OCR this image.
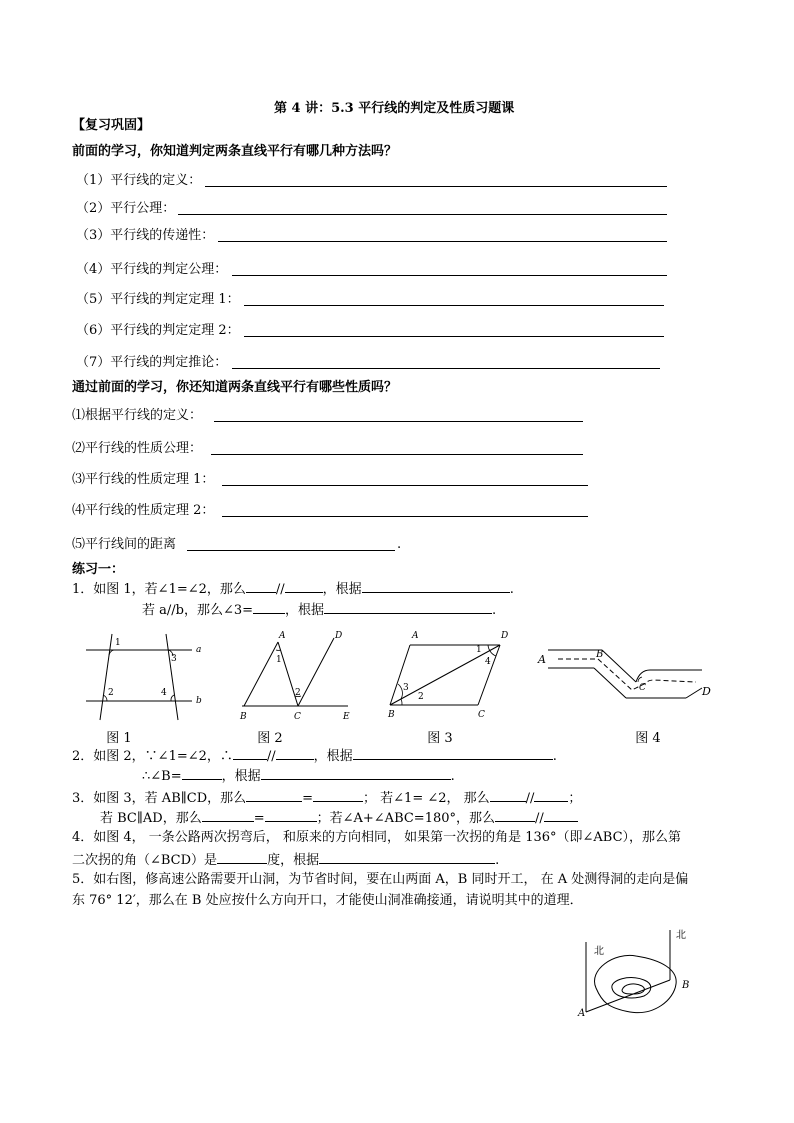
第 4 讲：5.3 平行线的判定及性质习题课
【复习巩固】
前面的学习，你知道判定两条直线平行有哪几种方法吗？
（1）平行线的定义：
（2）平行公理：
（3）平行线的传递性：
（4）平行线的判定公理：
（5）平行线的判定定理 1：
（6）平行线的判定定理 2：
（7）平行线的判定推论：
通过前面的学习，你还知道两条直线平行有哪些性质吗？
⑴根据平行线的定义：
⑵平行线的性质公理：
⑶平行线的性质定理 1：
⑷平行线的性质定理 2：
⑸平行线间的距离	.
练习一：
1．如图 1，若∠1=∠2，那么 //	，根据	.
若 a//b，那么∠3= ，根据	.
1
3
a
2	4
b
图 1
A	D
1
2
B	C	E
图 2
A	D
1
4
3
2
B	C
图 3
A	B
C	D
图 4
2．如图 2，∵∠1=∠2，∴	//	，根据	.
∴∠B=	，根据	.
3．如图 3，若 AB∥CD，那么	=	； 若∠1= ∠2， 那么	//	；
若 BC∥AD，那么	=	；若∠A+∠ABC=180°，那么	//
4．如图 4， 一条公路两次拐弯后， 和原来的方向相同， 如果第一次拐的角是 136°（即∠ABC），那么第
二次拐的角（∠BCD）是	度，根据	.
5．如右图，修高速公路需要开山洞，为节省时间，要在山两面 A，B 同时开工， 在 A 处测得洞的走向是偏
东 76° 12′，那么在 B 处应按什么方向开口，才能使山洞准确接通，请说明其中的道理．
北
北
B
A
